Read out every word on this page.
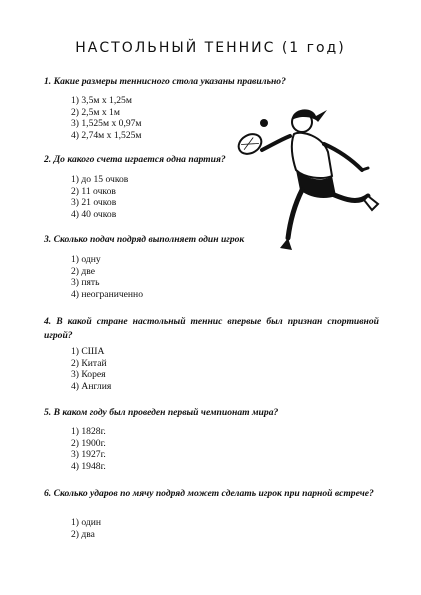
НАСТОЛЬНЫЙ ТЕННИС (1 год)
1. Какие размеры теннисного стола указаны правильно?
1) 3,5м x 1,25м
2) 2,5м x 1м
3) 1,525м x 0,97м
4) 2,74м x 1,525м
2. До какого счета играется одна партия?
1) до 15 очков
2) 11 очков
3) 21 очков
4) 40 очков
3. Сколько подач подряд выполняет один игрок
1) одну
2) две
3) пять
4) неограниченно
4. В какой стране настольный теннис впервые был признан спортивной игрой?
1) США
2) Китай
3) Корея
4) Англия
5. В каком году был проведен первый чемпионат мира?
1) 1828г.
2) 1900г.
3) 1927г.
4) 1948г.
6. Сколько ударов по мячу подряд может сделать игрок при парной встрече?
1) один
2) два
